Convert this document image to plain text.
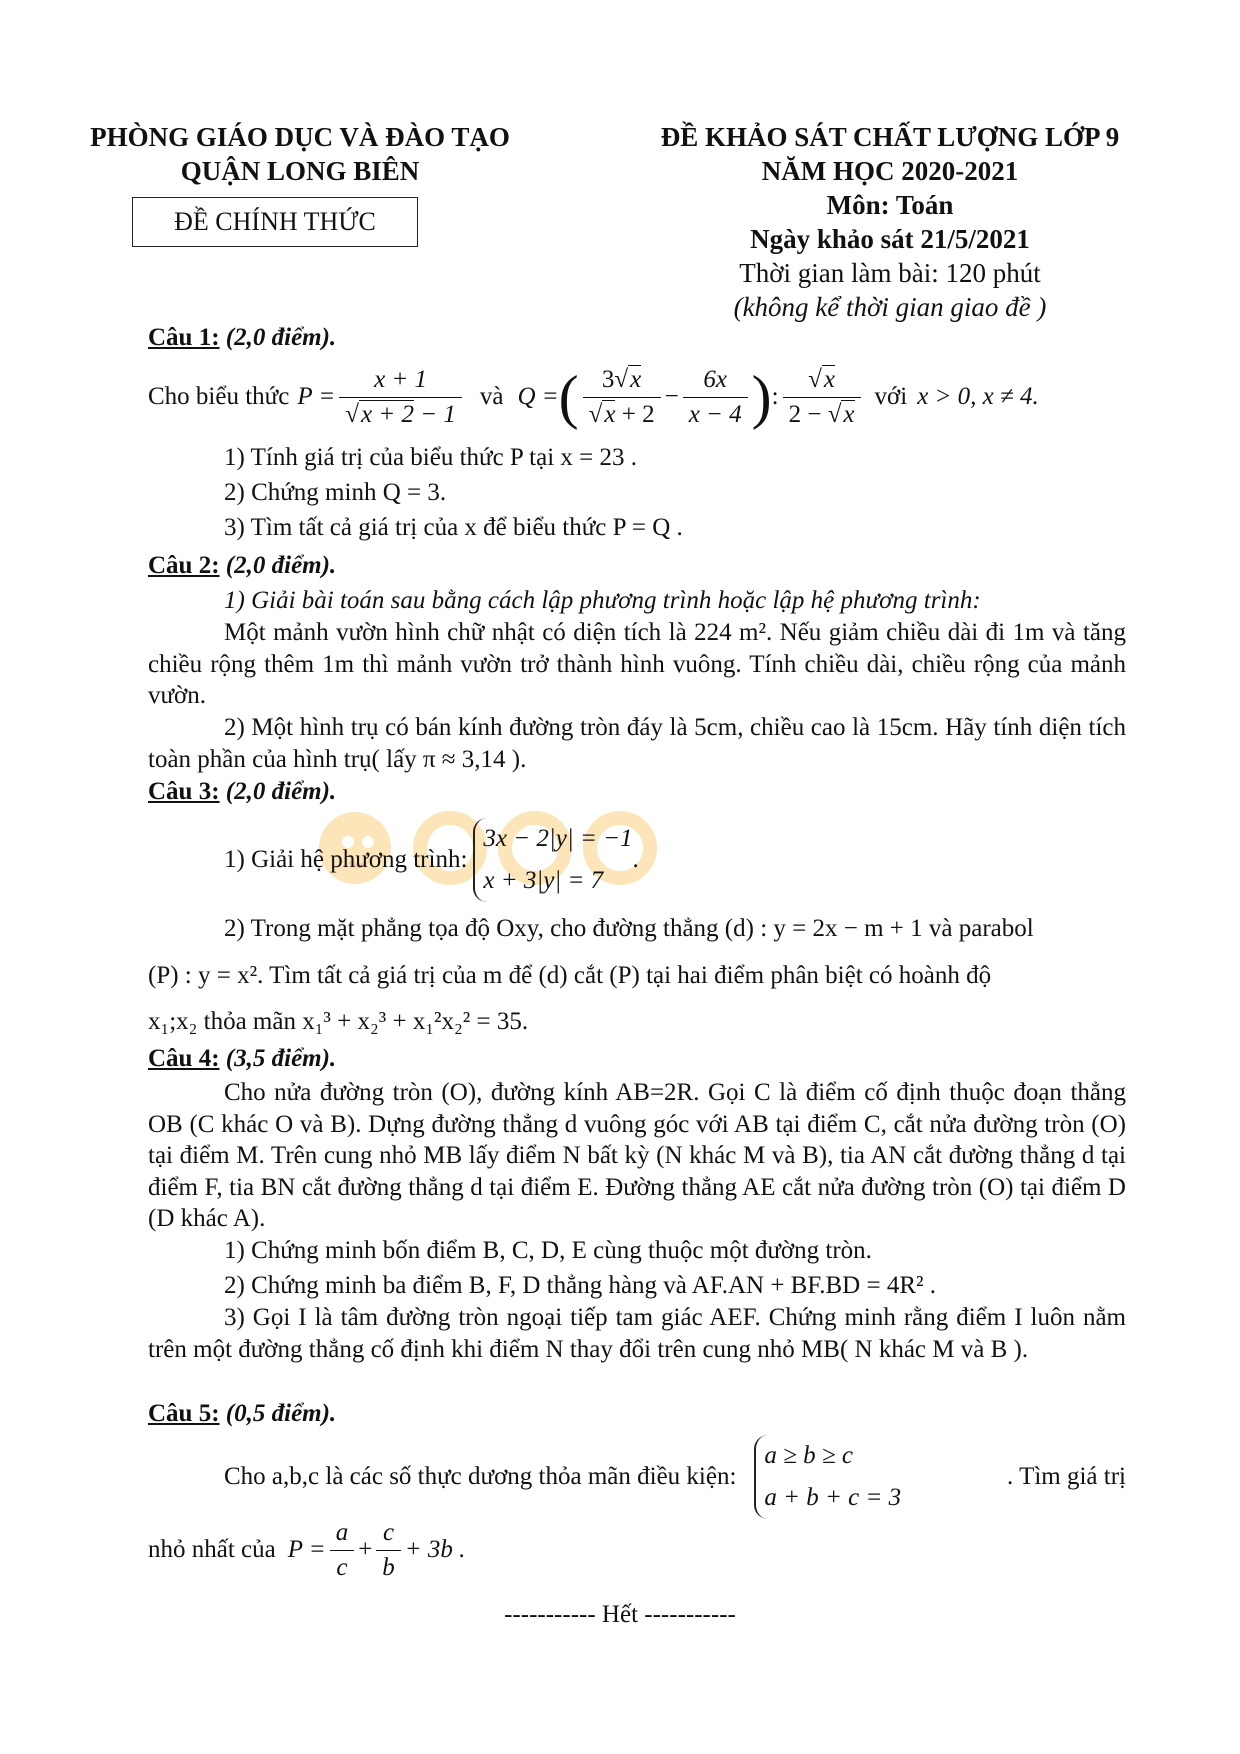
PHÒNG GIÁO DỤC VÀ ĐÀO TẠO
QUẬN LONG BIÊN
ĐỀ CHÍNH THỨC
ĐỀ KHẢO SÁT CHẤT LƯỢNG LỚP 9
NĂM HỌC 2020-2021
Môn: Toán
Ngày khảo sát 21/5/2021
Thời gian làm bài: 120 phút
(không kể thời gian giao đề )
Câu 1: (2,0 điểm).
Cho biểu thức $P = \frac{x + 1}{√x + 2 - 1}$ và Q = ( $\frac{3√x}{√x + 2} - \frac{6x}{x - 4}$ ) : $\frac{√x}{2 - √x}$ với x > 0, x ≠ 4.
1) Tính giá trị của biểu thức P tại x = 23 .
2) Chứng minh Q = 3.
3) Tìm tất cả giá trị của x để biểu thức P = Q .
Câu 2: (2,0 điểm).
1) Giải bài toán sau bằng cách lập phương trình hoặc lập hệ phương trình:
Một mảnh vườn hình chữ nhật có diện tích là 224 m². Nếu giảm chiều dài đi 1m và tăng chiều rộng thêm 1m thì mảnh vườn trở thành hình vuông. Tính chiều dài, chiều rộng của mảnh vườn.
2) Một hình trụ có bán kính đường tròn đáy là 5cm, chiều cao là 15cm. Hãy tính diện tích toàn phần của hình trụ( lấy π ≈ 3,14 ).
Câu 3: (2,0 điểm).
1) Giải hệ phương trình:
3x − 2|y| = −1
x + 3|y| = 7
.
2) Trong mặt phẳng tọa độ Oxy, cho đường thẳng (d) : y = 2x − m + 1 và parabol
(P) : y = x². Tìm tất cả giá trị của m để (d) cắt (P) tại hai điểm phân biệt có hoành độ
x₁;x₂ thỏa mãn x₁³ + x₂³ + x₁²x₂² = 35.
Câu 4: (3,5 điểm).
Cho nửa đường tròn (O), đường kính AB=2R. Gọi C là điểm cố định thuộc đoạn thẳng OB (C khác O và B). Dựng đường thẳng d vuông góc với AB tại điểm C, cắt nửa đường tròn (O) tại điểm M. Trên cung nhỏ MB lấy điểm N bất kỳ (N khác M và B), tia AN cắt đường thẳng d tại điểm F, tia BN cắt đường thẳng d tại điểm E. Đường thẳng AE cắt nửa đường tròn (O) tại điểm D (D khác A).
1) Chứng minh bốn điểm B, C, D, E cùng thuộc một đường tròn.
2) Chứng minh ba điểm B, F, D thẳng hàng và AF.AN + BF.BD = 4R² .
3) Gọi I là tâm đường tròn ngoại tiếp tam giác AEF. Chứng minh rằng điểm I luôn nằm trên một đường thẳng cố định khi điểm N thay đổi trên cung nhỏ MB( N khác M và B ).
Câu 5: (0,5 điểm).
Cho a,b,c là các số thực dương thỏa mãn điều kiện:
a ≥ b ≥ c
a + b + c = 3
. Tìm giá trị
nhỏ nhất của $P = \frac{a}{c} + \frac{c}{b} + 3b$ .
----------- Hết -----------
